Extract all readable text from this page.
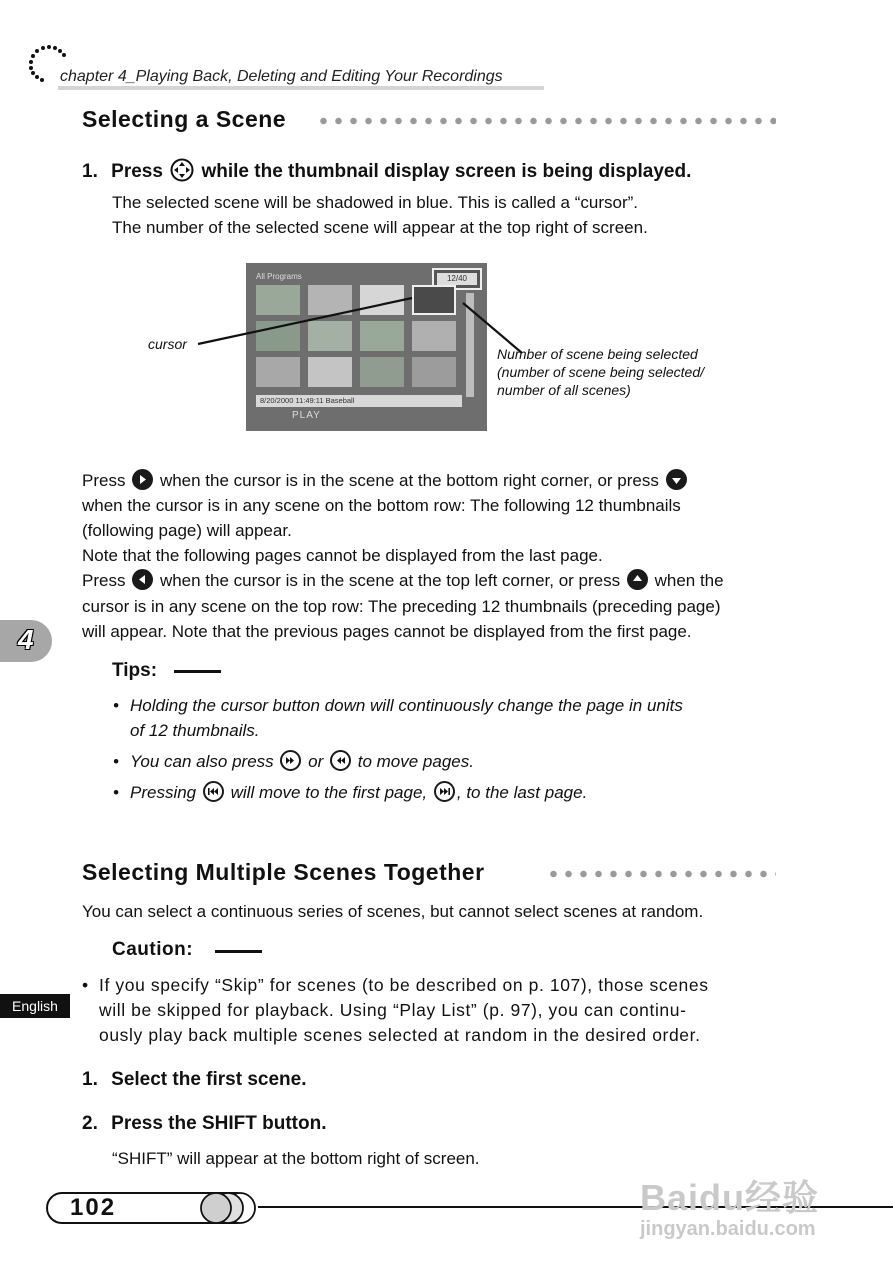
chapter 4_Playing Back, Deleting and Editing Your Recordings
Selecting a Scene
1. Press while the thumbnail display screen is being displayed.
The selected scene will be shadowed in blue. This is called a “cursor”.
The number of the selected scene will appear at the top right of screen.
All Programs	12/40
8/20/2000 11:49:11 Baseball
PLAY
cursor
Number of scene being selected
(number of scene being selected/
number of all scenes)
Press when the cursor is in the scene at the bottom right corner, or press
when the cursor is in any scene on the bottom row: The following 12 thumbnails
(following page) will appear.
Note that the following pages cannot be displayed from the last page.
Press when the cursor is in the scene at the top left corner, or press when the
cursor is in any scene on the top row: The preceding 12 thumbnails (preceding page)
will appear. Note that the previous pages cannot be displayed from the first page.
Tips:
• Holding the cursor button down will continuously change the page in units
of 12 thumbnails.
• You can also press or to move pages.
• Pressing will move to the first page, , to the last page.
Selecting Multiple Scenes Together
You can select a continuous series of scenes, but cannot select scenes at random.
Caution:
• If you specify “Skip” for scenes (to be described on p. 107), those scenes
will be skipped for playback. Using “Play List” (p. 97), you can continu-
ously play back multiple scenes selected at random in the desired order.
1. Select the first scene.
2. Press the SHIFT button.
“SHIFT” will appear at the bottom right of screen.
4
English
102	Baidu经验
jingyan.baidu.com
